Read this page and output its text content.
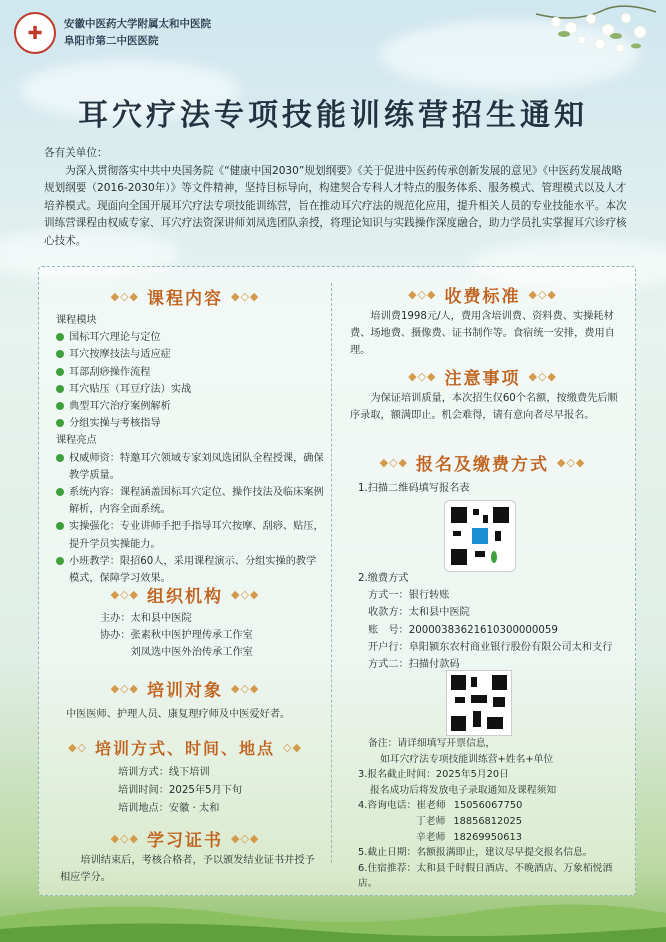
✚	安徽中医药大学附属太和中医院
阜阳市第二中医医院
耳穴疗法专项技能训练营招生通知
各有关单位：

为深入贯彻落实中共中央国务院《“健康中国2030”规划纲要》《关于促进中医药传承创新发展的意见》《中医药发展战略规划纲要（2016-2030年）》等文件精神，坚持目标导向，构建契合专科人才特点的服务体系、服务模式、管理模式以及人才培养模式。现面向全国开展耳穴疗法专项技能训练营，旨在推动耳穴疗法的规范化应用，提升相关人员的专业技能水平。本次训练营课程由权威专家、耳穴疗法资深讲师刘凤选团队亲授，将理论知识与实践操作深度融合，助力学员扎实掌握耳穴诊疗核心技术。

◆◇◆ 课程内容 ◆◇◆
课程模块
国标耳穴理论与定位
耳穴按摩技法与适应症
耳部刮痧操作流程
耳穴贴压（耳豆疗法）实战
典型耳穴治疗案例解析
分组实操与考核指导
课程亮点
权威师资：特邀耳穴领域专家刘凤选团队全程授课，确保教学质量。
系统内容：课程涵盖国标耳穴定位、操作技法及临床案例解析，内容全面系统。
实操强化：专业讲师手把手指导耳穴按摩、刮痧、贴压，提升学员实操能力。
小班教学：限招60人，采用课程演示、分组实操的教学模式，保障学习效果。
◆◇◆ 组织机构 ◆◇◆
主办：太和县中医院
协办： 张素秋中医护理传承工作室
刘凤选中医外治传承工作室
◆◇◆ 培训对象 ◆◇◆
中医医师、护理人员、康复理疗师及中医爱好者。
◆◇ 培训方式、时间、地点 ◇◆
培训方式：线下培训
培训时间：2025年5月下旬
培训地点：安徽 · 太和
◆◇◆ 学习证书 ◆◇◆

培训结束后，考核合格者，予以颁发结业证书并授予相应学分。

◆◇◆ 收费标准 ◆◇◆

培训费1998元/人，费用含培训费、资料费、实操耗材费、场地费、摄像费、证书制作等。食宿统一安排，费用自理。

◆◇◆ 注意事项 ◆◇◆

为保证培训质量，本次招生仅60个名额，按缴费先后顺序录取，额满即止。机会难得，请有意向者尽早报名。

◆◇◆ 报名及缴费方式 ◆◇◆
1.扫描二维码填写报名表
2.缴费方式
方式一：银行转账
收款方：太和县中医院
账　号：20000383621610300000059
开户行：阜阳颍东农村商业银行股份有限公司太和支行
方式二：扫描付款码
备注：请详细填写开票信息，
如耳穴疗法专项技能训练营+姓名+单位
3.报名截止时间：2025年5月20日
报名成功后将发放电子录取通知及课程须知
4.咨询电话： 崔老师 15056067750
丁老师 18856812025
辛老师 18269950613
5.截止日期：名额报满即止，建议尽早提交报名信息。
6.住宿推荐：太和县千时假日酒店、不晚酒店、万象栢悦酒店。
